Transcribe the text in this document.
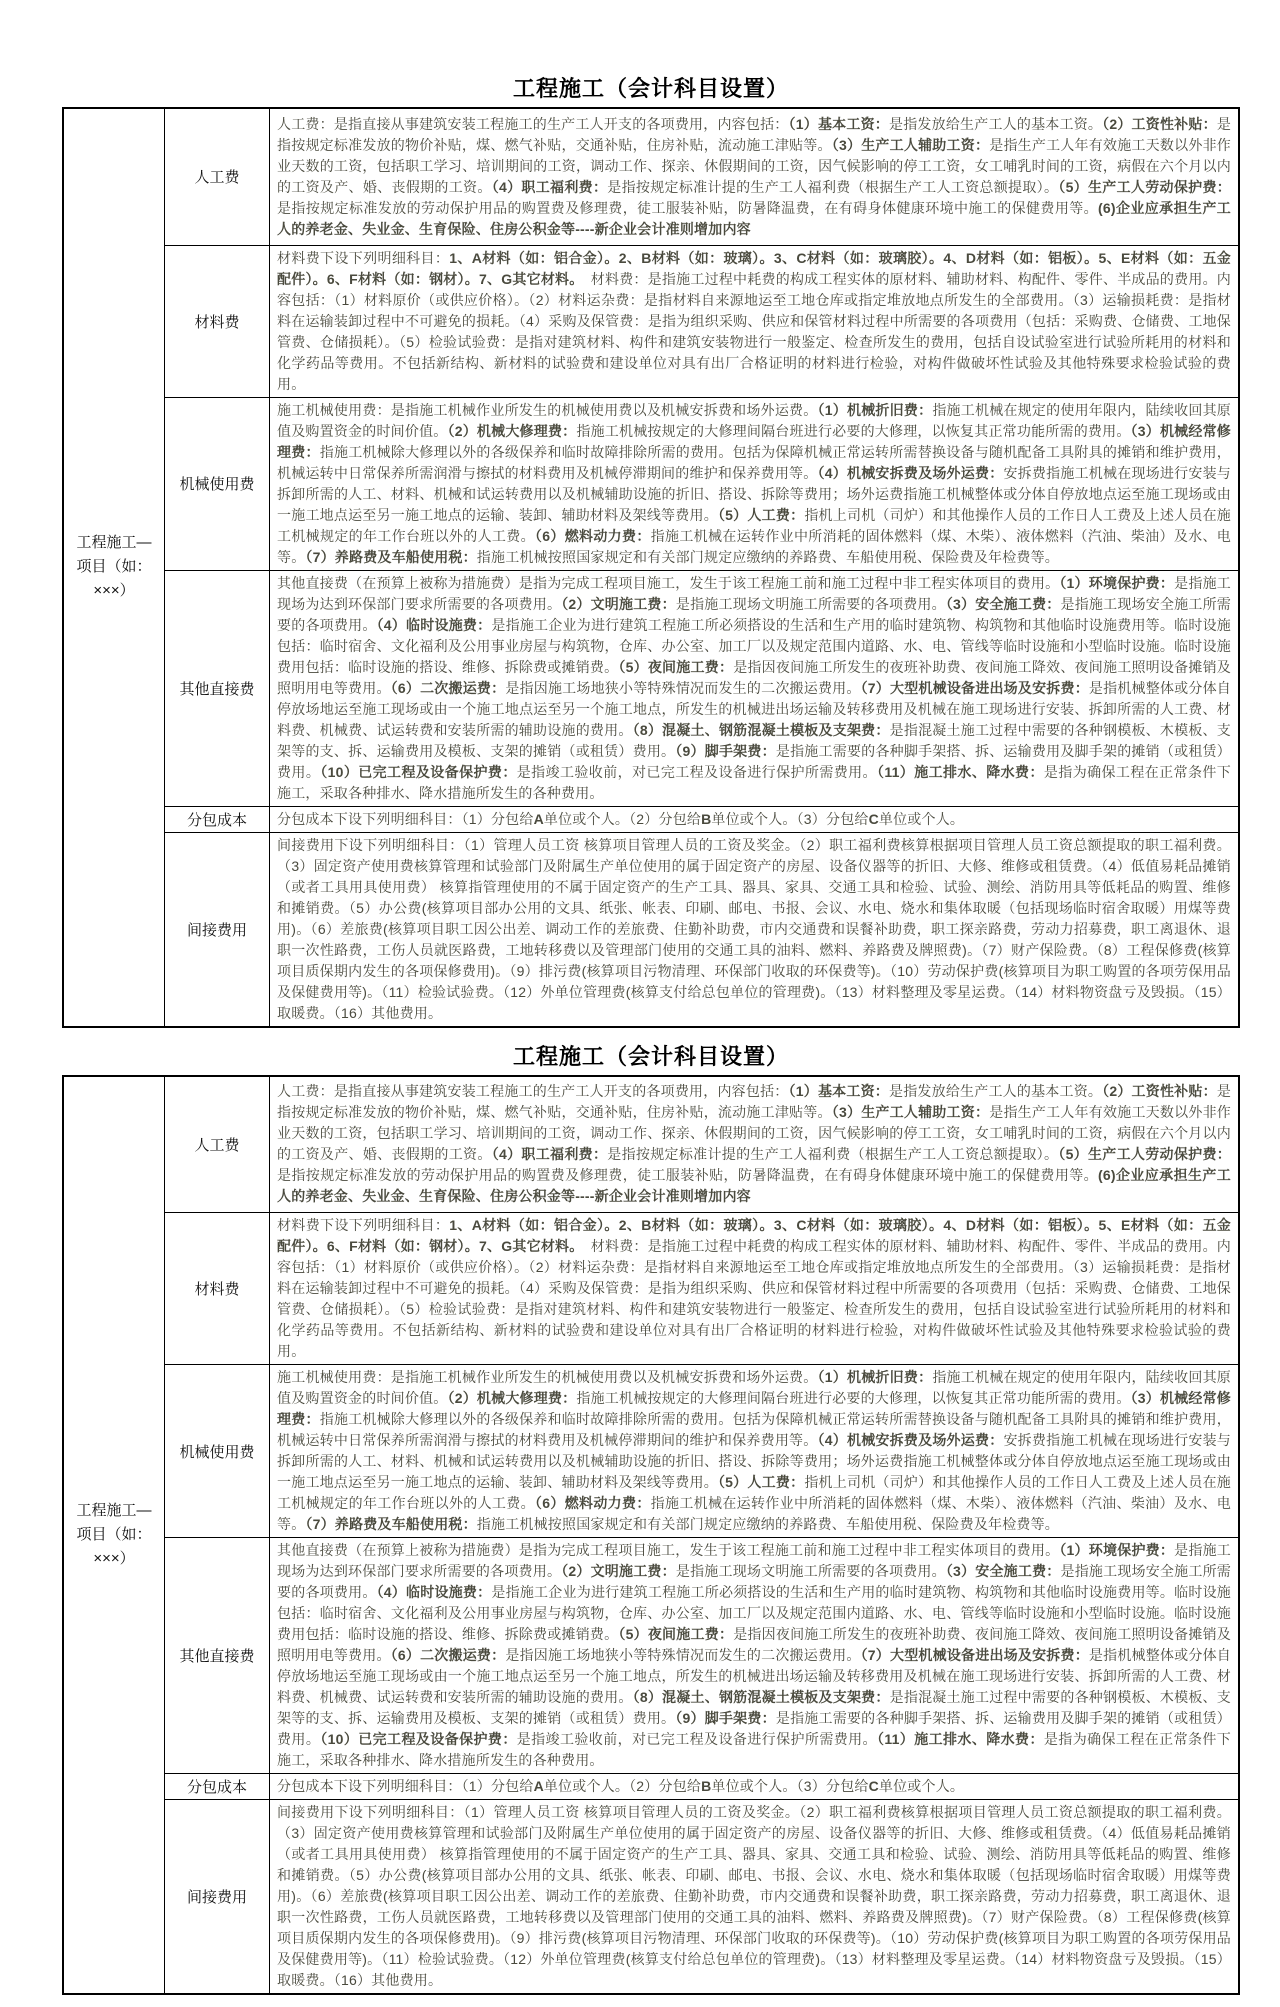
工程施工（会计科目设置）
工程施工—
项目（如：
×××）
	人工费	人工费：是指直接从事建筑安装工程施工的生产工人开支的各项费用，内容包括：（1）基本工资：是指发放给生产工人的基本工资。（2）工资性补贴：是指按规定标准发放的物价补贴，煤、燃气补贴，交通补贴，住房补贴，流动施工津贴等。（3）生产工人辅助工资：是指生产工人年有效施工天数以外非作业天数的工资，包括职工学习、培训期间的工资，调动工作、探亲、休假期间的工资，因气候影响的停工工资，女工哺乳时间的工资，病假在六个月以内的工资及产、婚、丧假期的工资。（4）职工福利费：是指按规定标准计提的生产工人福利费（根据生产工人工资总额提取）。（5）生产工人劳动保护费：是指按规定标准发放的劳动保护用品的购置费及修理费，徒工服装补贴，防暑降温费，在有碍身体健康环境中施工的保健费用等。(6)企业应承担生产工人的养老金、失业金、生育保险、住房公积金等----新企业会计准则增加内容
	材料费	材料费下设下列明细科目：1、A材料（如：铝合金）。2、B材料（如：玻璃）。3、C材料（如：玻璃胶）。4、D材料（如：铝板）。5、E材料（如：五金配件）。6、F材料（如：钢材）。7、G其它材料。　材料费：是指施工过程中耗费的构成工程实体的原材料、辅助材料、构配件、零件、半成品的费用。内容包括：（1）材料原价（或供应价格）。（2）材料运杂费：是指材料自来源地运至工地仓库或指定堆放地点所发生的全部费用。（3）运输损耗费：是指材料在运输装卸过程中不可避免的损耗。（4）采购及保管费：是指为组织采购、供应和保管材料过程中所需要的各项费用（包括：采购费、仓储费、工地保管费、仓储损耗）。（5）检验试验费：是指对建筑材料、构件和建筑安装物进行一般鉴定、检查所发生的费用，包括自设试验室进行试验所耗用的材料和化学药品等费用。不包括新结构、新材料的试验费和建设单位对具有出厂合格证明的材料进行检验，对构件做破坏性试验及其他特殊要求检验试验的费用。
	机械使用费	施工机械使用费：是指施工机械作业所发生的机械使用费以及机械安拆费和场外运费。（1）机械折旧费：指施工机械在规定的使用年限内，陆续收回其原值及购置资金的时间价值。（2）机械大修理费：指施工机械按规定的大修理间隔台班进行必要的大修理，以恢复其正常功能所需的费用。（3）机械经常修理费：指施工机械除大修理以外的各级保养和临时故障排除所需的费用。包括为保障机械正常运转所需替换设备与随机配备工具附具的摊销和维护费用，机械运转中日常保养所需润滑与擦拭的材料费用及机械停滞期间的维护和保养费用等。（4）机械安拆费及场外运费：安拆费指施工机械在现场进行安装与拆卸所需的人工、材料、机械和试运转费用以及机械辅助设施的折旧、搭设、拆除等费用；场外运费指施工机械整体或分体自停放地点运至施工现场或由一施工地点运至另一施工地点的运输、装卸、辅助材料及架线等费用。（5）人工费：指机上司机（司炉）和其他操作人员的工作日人工费及上述人员在施工机械规定的年工作台班以外的人工费。（6）燃料动力费：指施工机械在运转作业中所消耗的固体燃料（煤、木柴）、液体燃料（汽油、柴油）及水、电等。（7）养路费及车船使用税：指施工机械按照国家规定和有关部门规定应缴纳的养路费、车船使用税、保险费及年检费等。
	其他直接费	其他直接费（在预算上被称为措施费）是指为完成工程项目施工，发生于该工程施工前和施工过程中非工程实体项目的费用。（1）环境保护费：是指施工现场为达到环保部门要求所需要的各项费用。（2）文明施工费：是指施工现场文明施工所需要的各项费用。（3）安全施工费：是指施工现场安全施工所需要的各项费用。（4）临时设施费：是指施工企业为进行建筑工程施工所必须搭设的生活和生产用的临时建筑物、构筑物和其他临时设施费用等。临时设施包括：临时宿舍、文化福利及公用事业房屋与构筑物，仓库、办公室、加工厂以及规定范围内道路、水、电、管线等临时设施和小型临时设施。临时设施费用包括：临时设施的搭设、维修、拆除费或摊销费。（5）夜间施工费：是指因夜间施工所发生的夜班补助费、夜间施工降效、夜间施工照明设备摊销及照明用电等费用。（6）二次搬运费：是指因施工场地狭小等特殊情况而发生的二次搬运费用。（7）大型机械设备进出场及安拆费：是指机械整体或分体自停放场地运至施工现场或由一个施工地点运至另一个施工地点，所发生的机械进出场运输及转移费用及机械在施工现场进行安装、拆卸所需的人工费、材料费、机械费、试运转费和安装所需的辅助设施的费用。（8）混凝土、钢筋混凝土模板及支架费：是指混凝土施工过程中需要的各种钢模板、木模板、支架等的支、拆、运输费用及模板、支架的摊销（或租赁）费用。（9）脚手架费：是指施工需要的各种脚手架搭、拆、运输费用及脚手架的摊销（或租赁）费用。（10）已完工程及设备保护费：是指竣工验收前，对已完工程及设备进行保护所需费用。（11）施工排水、降水费：是指为确保工程在正常条件下施工，采取各种排水、降水措施所发生的各种费用。
	分包成本	分包成本下设下列明细科目：（1）分包给A单位或个人。（2）分包给B单位或个人。（3）分包给C单位或个人。
	间接费用	间接费用下设下列明细科目：（1）管理人员工资 核算项目管理人员的工资及奖金。（2）职工福利费核算根据项目管理人员工资总额提取的职工福利费。（3）固定资产使用费核算管理和试验部门及附属生产单位使用的属于固定资产的房屋、设备仪器等的折旧、大修、维修或租赁费。（4）低值易耗品摊销（或者工具用具使用费） 核算指管理使用的不属于固定资产的生产工具、器具、家具、交通工具和检验、试验、测绘、消防用具等低耗品的购置、维修和摊销费。（5）办公费(核算项目部办公用的文具、纸张、帐表、印刷、邮电、书报、会议、水电、烧水和集体取暖（包括现场临时宿舍取暖）用煤等费用)。（6）差旅费(核算项目职工因公出差、调动工作的差旅费、住勤补助费，市内交通费和误餐补助费，职工探亲路费，劳动力招募费，职工离退休、退职一次性路费，工伤人员就医路费，工地转移费以及管理部门使用的交通工具的油料、燃料、养路费及牌照费)。（7）财产保险费。（8）工程保修费(核算项目质保期内发生的各项保修费用)。（9）排污费(核算项目污物清理、环保部门收取的环保费等)。（10）劳动保护费(核算项目为职工购置的各项劳保用品及保健费用等)。（11）检验试验费。（12）外单位管理费(核算支付给总包单位的管理费)。（13）材料整理及零星运费。（14）材料物资盘亏及毁损。（15）取暖费。（16）其他费用。
工程施工（会计科目设置）
工程施工—
项目（如：
×××）
	人工费	人工费：是指直接从事建筑安装工程施工的生产工人开支的各项费用，内容包括：（1）基本工资：是指发放给生产工人的基本工资。（2）工资性补贴：是指按规定标准发放的物价补贴，煤、燃气补贴，交通补贴，住房补贴，流动施工津贴等。（3）生产工人辅助工资：是指生产工人年有效施工天数以外非作业天数的工资，包括职工学习、培训期间的工资，调动工作、探亲、休假期间的工资，因气候影响的停工工资，女工哺乳时间的工资，病假在六个月以内的工资及产、婚、丧假期的工资。（4）职工福利费：是指按规定标准计提的生产工人福利费（根据生产工人工资总额提取）。（5）生产工人劳动保护费：是指按规定标准发放的劳动保护用品的购置费及修理费，徒工服装补贴，防暑降温费，在有碍身体健康环境中施工的保健费用等。(6)企业应承担生产工人的养老金、失业金、生育保险、住房公积金等----新企业会计准则增加内容
	材料费	材料费下设下列明细科目：1、A材料（如：铝合金）。2、B材料（如：玻璃）。3、C材料（如：玻璃胶）。4、D材料（如：铝板）。5、E材料（如：五金配件）。6、F材料（如：钢材）。7、G其它材料。　材料费：是指施工过程中耗费的构成工程实体的原材料、辅助材料、构配件、零件、半成品的费用。内容包括：（1）材料原价（或供应价格）。（2）材料运杂费：是指材料自来源地运至工地仓库或指定堆放地点所发生的全部费用。（3）运输损耗费：是指材料在运输装卸过程中不可避免的损耗。（4）采购及保管费：是指为组织采购、供应和保管材料过程中所需要的各项费用（包括：采购费、仓储费、工地保管费、仓储损耗）。（5）检验试验费：是指对建筑材料、构件和建筑安装物进行一般鉴定、检查所发生的费用，包括自设试验室进行试验所耗用的材料和化学药品等费用。不包括新结构、新材料的试验费和建设单位对具有出厂合格证明的材料进行检验，对构件做破坏性试验及其他特殊要求检验试验的费用。
	机械使用费	施工机械使用费：是指施工机械作业所发生的机械使用费以及机械安拆费和场外运费。（1）机械折旧费：指施工机械在规定的使用年限内，陆续收回其原值及购置资金的时间价值。（2）机械大修理费：指施工机械按规定的大修理间隔台班进行必要的大修理，以恢复其正常功能所需的费用。（3）机械经常修理费：指施工机械除大修理以外的各级保养和临时故障排除所需的费用。包括为保障机械正常运转所需替换设备与随机配备工具附具的摊销和维护费用，机械运转中日常保养所需润滑与擦拭的材料费用及机械停滞期间的维护和保养费用等。（4）机械安拆费及场外运费：安拆费指施工机械在现场进行安装与拆卸所需的人工、材料、机械和试运转费用以及机械辅助设施的折旧、搭设、拆除等费用；场外运费指施工机械整体或分体自停放地点运至施工现场或由一施工地点运至另一施工地点的运输、装卸、辅助材料及架线等费用。（5）人工费：指机上司机（司炉）和其他操作人员的工作日人工费及上述人员在施工机械规定的年工作台班以外的人工费。（6）燃料动力费：指施工机械在运转作业中所消耗的固体燃料（煤、木柴）、液体燃料（汽油、柴油）及水、电等。（7）养路费及车船使用税：指施工机械按照国家规定和有关部门规定应缴纳的养路费、车船使用税、保险费及年检费等。
	其他直接费	其他直接费（在预算上被称为措施费）是指为完成工程项目施工，发生于该工程施工前和施工过程中非工程实体项目的费用。（1）环境保护费：是指施工现场为达到环保部门要求所需要的各项费用。（2）文明施工费：是指施工现场文明施工所需要的各项费用。（3）安全施工费：是指施工现场安全施工所需要的各项费用。（4）临时设施费：是指施工企业为进行建筑工程施工所必须搭设的生活和生产用的临时建筑物、构筑物和其他临时设施费用等。临时设施包括：临时宿舍、文化福利及公用事业房屋与构筑物，仓库、办公室、加工厂以及规定范围内道路、水、电、管线等临时设施和小型临时设施。临时设施费用包括：临时设施的搭设、维修、拆除费或摊销费。（5）夜间施工费：是指因夜间施工所发生的夜班补助费、夜间施工降效、夜间施工照明设备摊销及照明用电等费用。（6）二次搬运费：是指因施工场地狭小等特殊情况而发生的二次搬运费用。（7）大型机械设备进出场及安拆费：是指机械整体或分体自停放场地运至施工现场或由一个施工地点运至另一个施工地点，所发生的机械进出场运输及转移费用及机械在施工现场进行安装、拆卸所需的人工费、材料费、机械费、试运转费和安装所需的辅助设施的费用。（8）混凝土、钢筋混凝土模板及支架费：是指混凝土施工过程中需要的各种钢模板、木模板、支架等的支、拆、运输费用及模板、支架的摊销（或租赁）费用。（9）脚手架费：是指施工需要的各种脚手架搭、拆、运输费用及脚手架的摊销（或租赁）费用。（10）已完工程及设备保护费：是指竣工验收前，对已完工程及设备进行保护所需费用。（11）施工排水、降水费：是指为确保工程在正常条件下施工，采取各种排水、降水措施所发生的各种费用。
	分包成本	分包成本下设下列明细科目：（1）分包给A单位或个人。（2）分包给B单位或个人。（3）分包给C单位或个人。
	间接费用	间接费用下设下列明细科目：（1）管理人员工资 核算项目管理人员的工资及奖金。（2）职工福利费核算根据项目管理人员工资总额提取的职工福利费。（3）固定资产使用费核算管理和试验部门及附属生产单位使用的属于固定资产的房屋、设备仪器等的折旧、大修、维修或租赁费。（4）低值易耗品摊销（或者工具用具使用费） 核算指管理使用的不属于固定资产的生产工具、器具、家具、交通工具和检验、试验、测绘、消防用具等低耗品的购置、维修和摊销费。（5）办公费(核算项目部办公用的文具、纸张、帐表、印刷、邮电、书报、会议、水电、烧水和集体取暖（包括现场临时宿舍取暖）用煤等费用)。（6）差旅费(核算项目职工因公出差、调动工作的差旅费、住勤补助费，市内交通费和误餐补助费，职工探亲路费，劳动力招募费，职工离退休、退职一次性路费，工伤人员就医路费，工地转移费以及管理部门使用的交通工具的油料、燃料、养路费及牌照费)。（7）财产保险费。（8）工程保修费(核算项目质保期内发生的各项保修费用)。（9）排污费(核算项目污物清理、环保部门收取的环保费等)。（10）劳动保护费(核算项目为职工购置的各项劳保用品及保健费用等)。（11）检验试验费。（12）外单位管理费(核算支付给总包单位的管理费)。（13）材料整理及零星运费。（14）材料物资盘亏及毁损。（15）取暖费。（16）其他费用。
